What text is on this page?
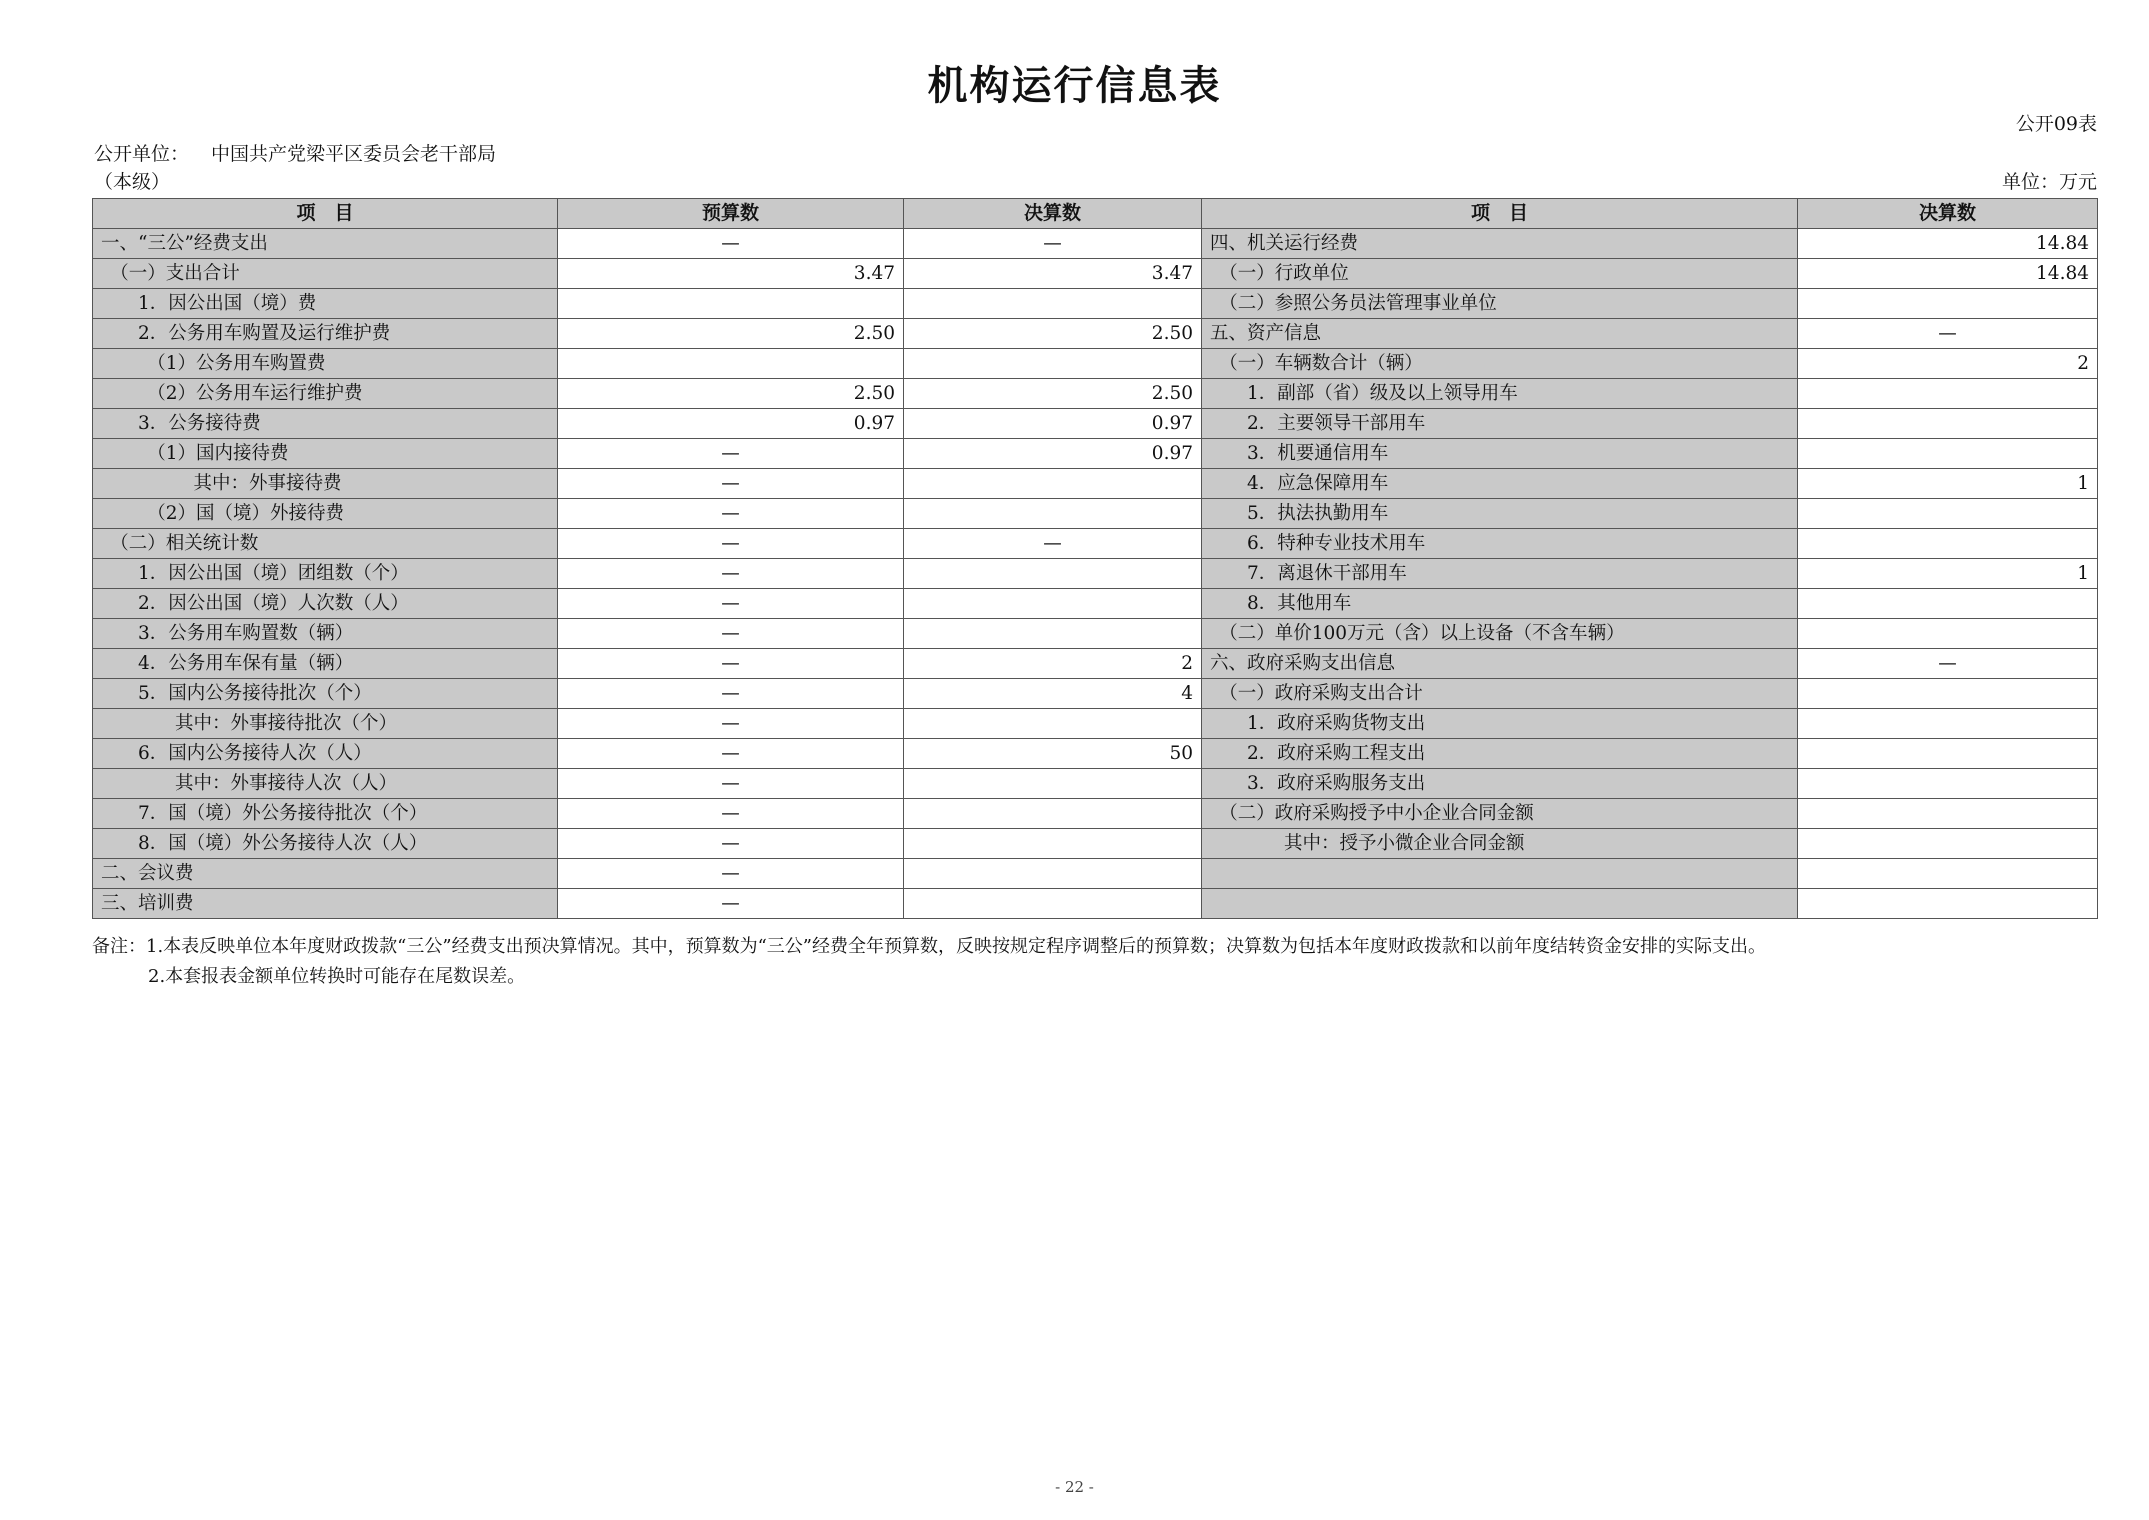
机构运行信息表
公开09表
公开单位： 中国共产党梁平区委员会老干部局
（本级）	单位：万元
项　目	预算数	决算数	项　目	决算数
一、“三公”经费支出	—	—	四、机关运行经费	14.84
　（一）支出合计	3.47	3.47	　（一）行政单位	14.84
　　1．因公出国（境）费			　（二）参照公务员法管理事业单位	
　　2．公务用车购置及运行维护费	2.50	2.50	五、资产信息	—
　　　（1）公务用车购置费			　（一）车辆数合计（辆）	2
　　　（2）公务用车运行维护费	2.50	2.50	　　1．副部（省）级及以上领导用车	
　　3．公务接待费	0.97	0.97	　　2．主要领导干部用车	
　　　（1）国内接待费	—	0.97	　　3．机要通信用车	
　　　　　其中：外事接待费	—		　　4．应急保障用车	1
　　　（2）国（境）外接待费	—		　　5．执法执勤用车	
　（二）相关统计数	—	—	　　6．特种专业技术用车	
　　1．因公出国（境）团组数（个）	—		　　7．离退休干部用车	1
　　2．因公出国（境）人次数（人）	—		　　8．其他用车	
　　3．公务用车购置数（辆）	—		　（二）单价100万元（含）以上设备（不含车辆）	
　　4．公务用车保有量（辆）	—	2	六、政府采购支出信息	—
　　5．国内公务接待批次（个）	—	4	　（一）政府采购支出合计	
　　　　其中：外事接待批次（个）	—		　　1．政府采购货物支出	
　　6．国内公务接待人次（人）	—	50	　　2．政府采购工程支出	
　　　　其中：外事接待人次（人）	—		　　3．政府采购服务支出	
　　7．国（境）外公务接待批次（个）	—		　（二）政府采购授予中小企业合同金额	
　　8．国（境）外公务接待人次（人）	—		　　　　其中：授予小微企业合同金额	
二、会议费	—			
三、培训费	—			
备注：1.本表反映单位本年度财政拨款“三公”经费支出预决算情况。其中，预算数为“三公”经费全年预算数，反映按规定程序调整后的预算数；决算数为包括本年度财政拨款和以前年度结转资金安排的实际支出。
2.本套报表金额单位转换时可能存在尾数误差。
- 22 -
